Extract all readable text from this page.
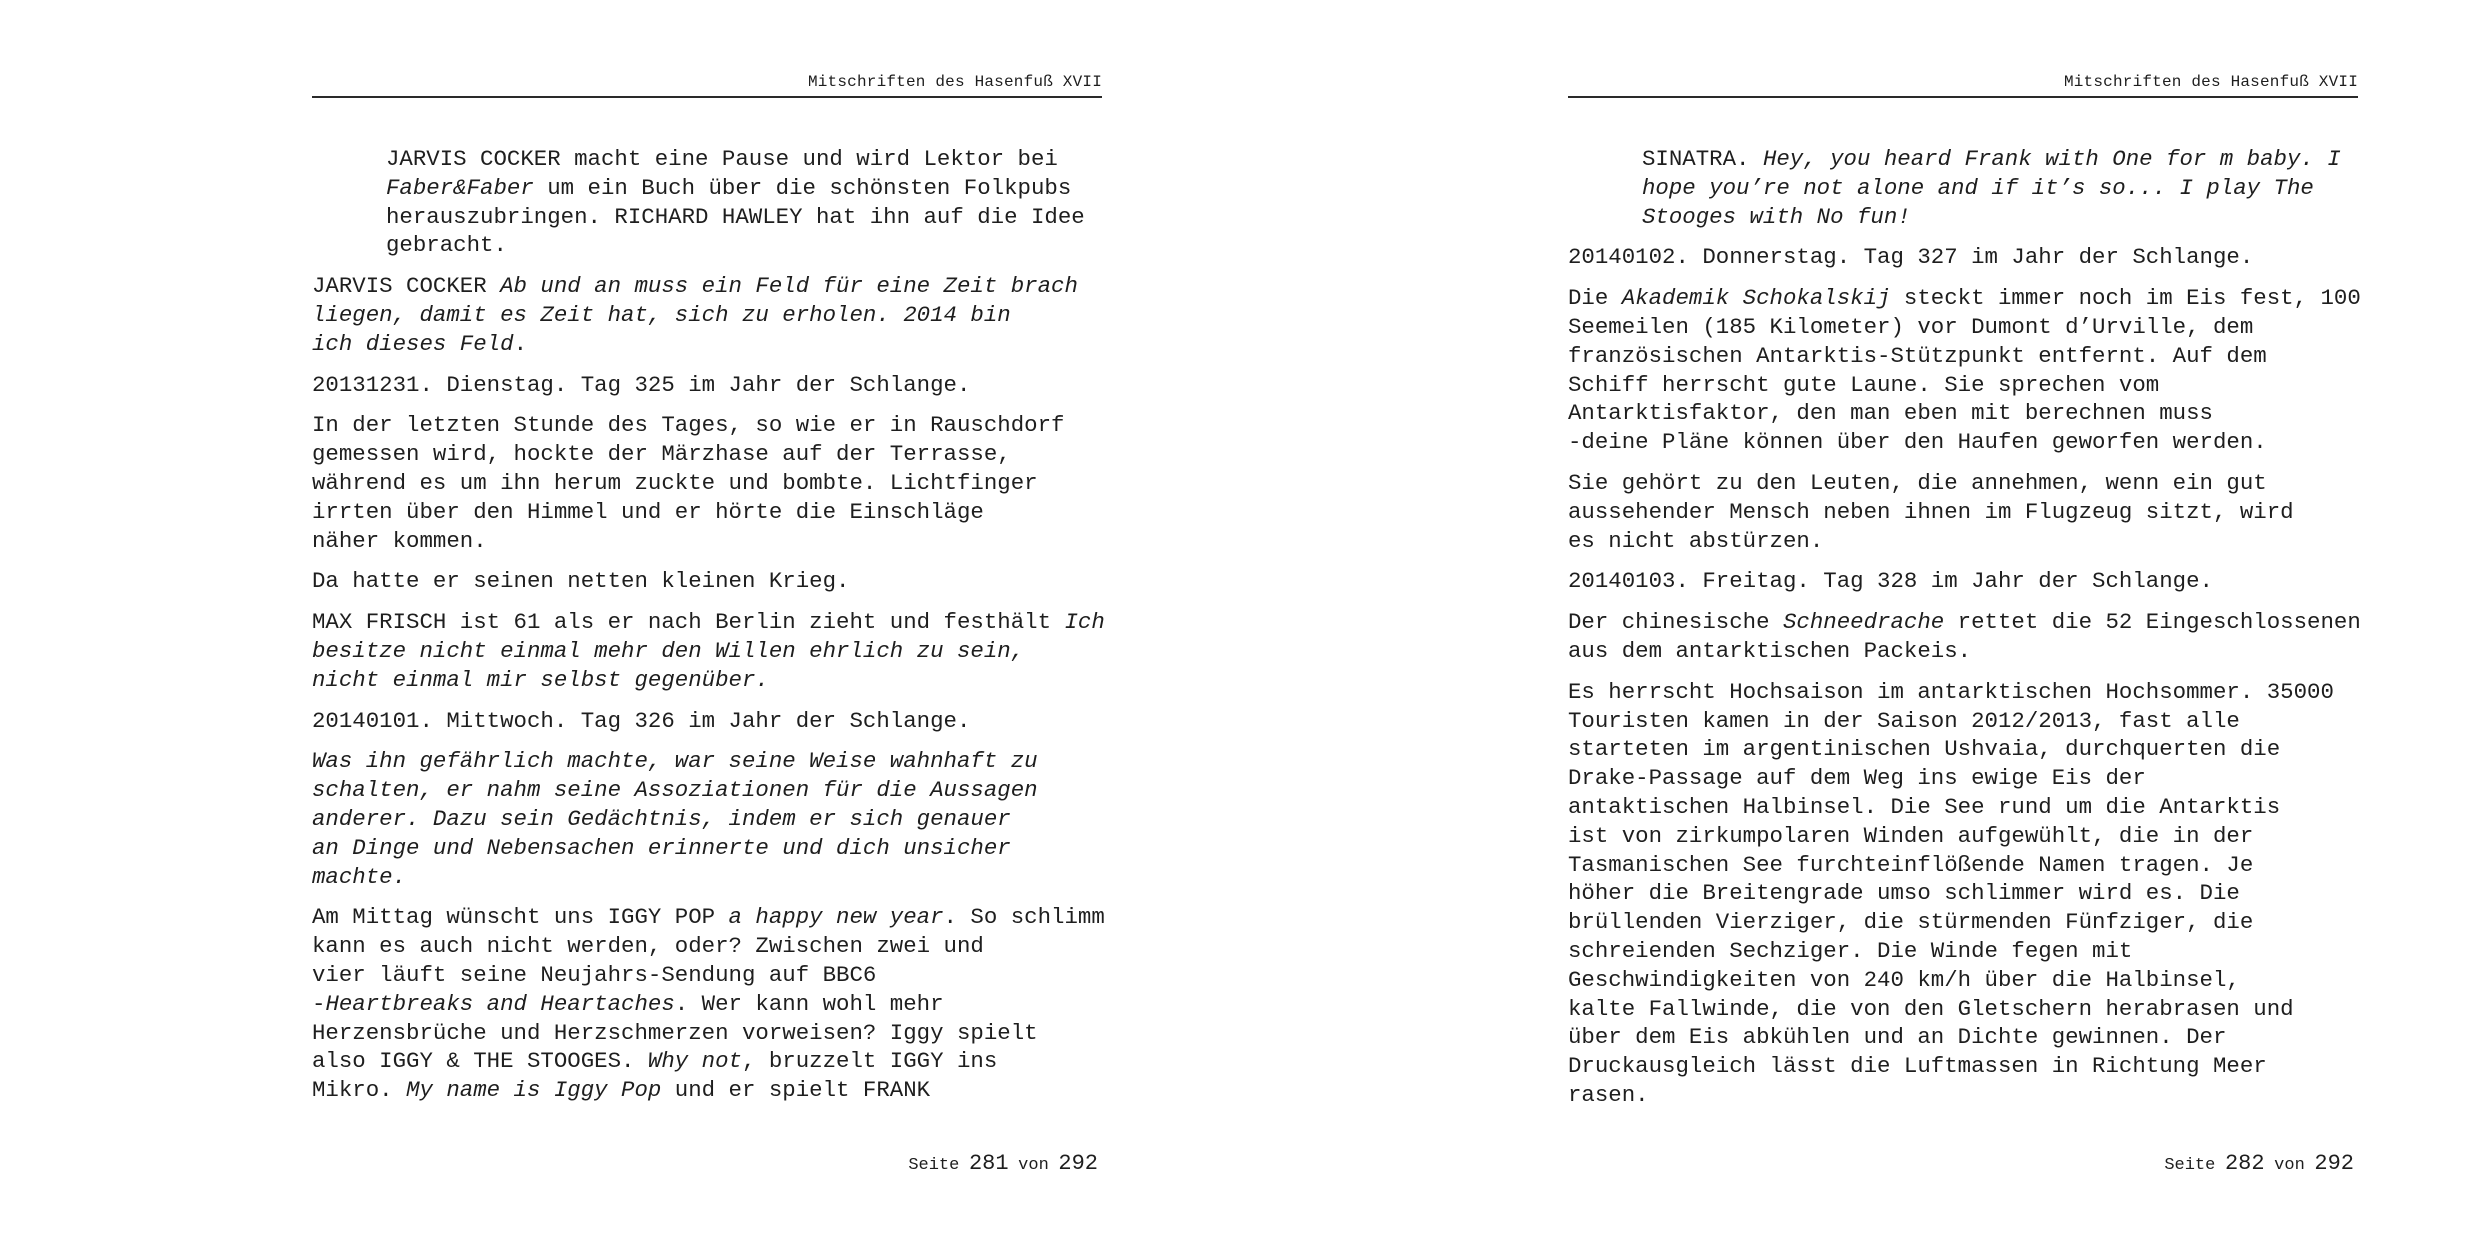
Mitschriften des Hasenfuß XVII

JARVIS COCKER macht eine Pause und wird Lektor bei
Faber&Faber um ein Buch über die schönsten Folkpubs
herauszubringen. RICHARD HAWLEY hat ihn auf die Idee
gebracht.

JARVIS COCKER Ab und an muss ein Feld für eine Zeit brach
liegen, damit es Zeit hat, sich zu erholen. 2014 bin
ich dieses Feld.

20131231. Dienstag. Tag 325 im Jahr der Schlange.

In der letzten Stunde des Tages, so wie er in Rauschdorf
gemessen wird, hockte der Märzhase auf der Terrasse,
während es um ihn herum zuckte und bombte. Lichtfinger
irrten über den Himmel und er hörte die Einschläge
näher kommen.

Da hatte er seinen netten kleinen Krieg.

MAX FRISCH ist 61 als er nach Berlin zieht und festhält Ich
besitze nicht einmal mehr den Willen ehrlich zu sein,
nicht einmal mir selbst gegenüber.

20140101. Mittwoch. Tag 326 im Jahr der Schlange.

Was ihn gefährlich machte, war seine Weise wahnhaft zu
schalten, er nahm seine Assoziationen für die Aussagen
anderer. Dazu sein Gedächtnis, indem er sich genauer
an Dinge und Nebensachen erinnerte und dich unsicher
machte.

Am Mittag wünscht uns IGGY POP a happy new year. So schlimm
kann es auch nicht werden, oder? Zwischen zwei und
vier läuft seine Neujahrs-Sendung auf BBC6
-Heartbreaks and Heartaches. Wer kann wohl mehr
Herzensbrüche und Herzschmerzen vorweisen? Iggy spielt
also IGGY & THE STOOGES. Why not, bruzzelt IGGY ins
Mikro. My name is Iggy Pop und er spielt FRANK

Seite 281 von 292
Mitschriften des Hasenfuß XVII

SINATRA. Hey, you heard Frank with One for m baby. I
hope you’re not alone and if it’s so... I play The
Stooges with No fun!

20140102. Donnerstag. Tag 327 im Jahr der Schlange.

Die Akademik Schokalskij steckt immer noch im Eis fest, 100
Seemeilen (185 Kilometer) vor Dumont d’Urville, dem
französischen Antarktis-Stützpunkt entfernt. Auf dem
Schiff herrscht gute Laune. Sie sprechen vom
Antarktisfaktor, den man eben mit berechnen muss
-deine Pläne können über den Haufen geworfen werden.

Sie gehört zu den Leuten, die annehmen, wenn ein gut
aussehender Mensch neben ihnen im Flugzeug sitzt, wird
es nicht abstürzen.

20140103. Freitag. Tag 328 im Jahr der Schlange.

Der chinesische Schneedrache rettet die 52 Eingeschlossenen
aus dem antarktischen Packeis.

Es herrscht Hochsaison im antarktischen Hochsommer. 35000
Touristen kamen in der Saison 2012/2013, fast alle
starteten im argentinischen Ushvaia, durchquerten die
Drake-Passage auf dem Weg ins ewige Eis der
antaktischen Halbinsel. Die See rund um die Antarktis
ist von zirkumpolaren Winden aufgewühlt, die in der
Tasmanischen See furchteinflößende Namen tragen. Je
höher die Breitengrade umso schlimmer wird es. Die
brüllenden Vierziger, die stürmenden Fünfziger, die
schreienden Sechziger. Die Winde fegen mit
Geschwindigkeiten von 240 km/h über die Halbinsel,
kalte Fallwinde, die von den Gletschern herabrasen und
über dem Eis abkühlen und an Dichte gewinnen. Der
Druckausgleich lässt die Luftmassen in Richtung Meer
rasen.

Seite 282 von 292
